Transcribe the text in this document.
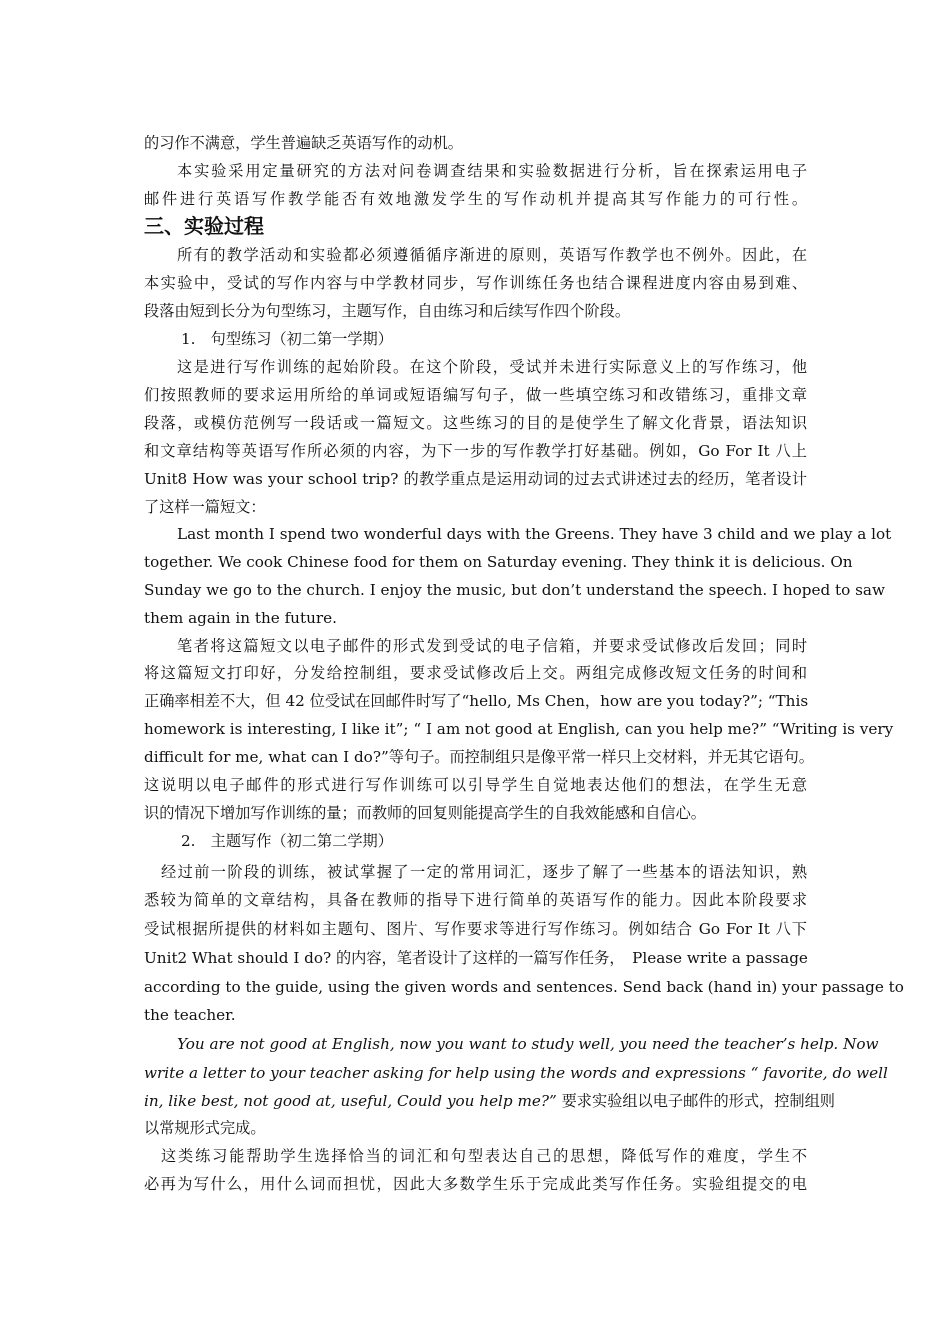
的习作不满意，学生普遍缺乏英语写作的动机。
本实验采用定量研究的方法对问卷调查结果和实验数据进行分析，旨在探索运用电子
邮件进行英语写作教学能否有效地激发学生的写作动机并提高其写作能力的可行性。
三、实验过程
所有的教学活动和实验都必须遵循循序渐进的原则，英语写作教学也不例外。因此，在
本实验中，受试的写作内容与中学教材同步，写作训练任务也结合课程进度内容由易到难、
段落由短到长分为句型练习，主题写作，自由练习和后续写作四个阶段。
1.　句型练习（初二第一学期）
这是进行写作训练的起始阶段。在这个阶段，受试并未进行实际意义上的写作练习，他
们按照教师的要求运用所给的单词或短语编写句子，做一些填空练习和改错练习，重排文章
段落，或模仿范例写一段话或一篇短文。这些练习的目的是使学生了解文化背景，语法知识
和文章结构等英语写作所必须的内容，为下一步的写作教学打好基础。例如，Go For It 八上
Unit8 How was your school trip? 的教学重点是运用动词的过去式讲述过去的经历，笔者设计
了这样一篇短文：
Last month I spend two wonderful days with the Greens. They have 3 child and we play a lot
together. We cook Chinese food for them on Saturday evening. They think it is delicious. On
Sunday we go to the church. I enjoy the music, but don’t understand the speech. I hoped to saw
them again in the future.
笔者将这篇短文以电子邮件的形式发到受试的电子信箱，并要求受试修改后发回；同时
将这篇短文打印好，分发给控制组，要求受试修改后上交。两组完成修改短文任务的时间和
正确率相差不大，但 42 位受试在回邮件时写了“hello, Ms Chen，how are you today?”; “This
homework is interesting, I like it”; “ I am not good at English, can you help me?” “Writing is very
difficult for me, what can I do?”等句子。而控制组只是像平常一样只上交材料，并无其它语句。
这说明以电子邮件的形式进行写作训练可以引导学生自觉地表达他们的想法，在学生无意
识的情况下增加写作训练的量；而教师的回复则能提高学生的自我效能感和自信心。
2.　主题写作（初二第二学期）
经过前一阶段的训练，被试掌握了一定的常用词汇，逐步了解了一些基本的语法知识，熟
悉较为简单的文章结构，具备在教师的指导下进行简单的英语写作的能力。因此本阶段要求
受试根据所提供的材料如主题句、图片、写作要求等进行写作练习。例如结合 Go For It 八下
Unit2 What should I do? 的内容，笔者设计了这样的一篇写作任务，　Please write a passage
according to the guide, using the given words and sentences. Send back (hand in) your passage to
the teacher.
You are not good at English, now you want to study well, you need the teacher’s help. Now
write a letter to your teacher asking for help using the words and expressions “ favorite, do well
in, like best, not good at, useful, Could you help me?” 要求实验组以电子邮件的形式，控制组则
以常规形式完成。
这类练习能帮助学生选择恰当的词汇和句型表达自己的思想，降低写作的难度，学生不
必再为写什么，用什么词而担忧，因此大多数学生乐于完成此类写作任务。实验组提交的电
